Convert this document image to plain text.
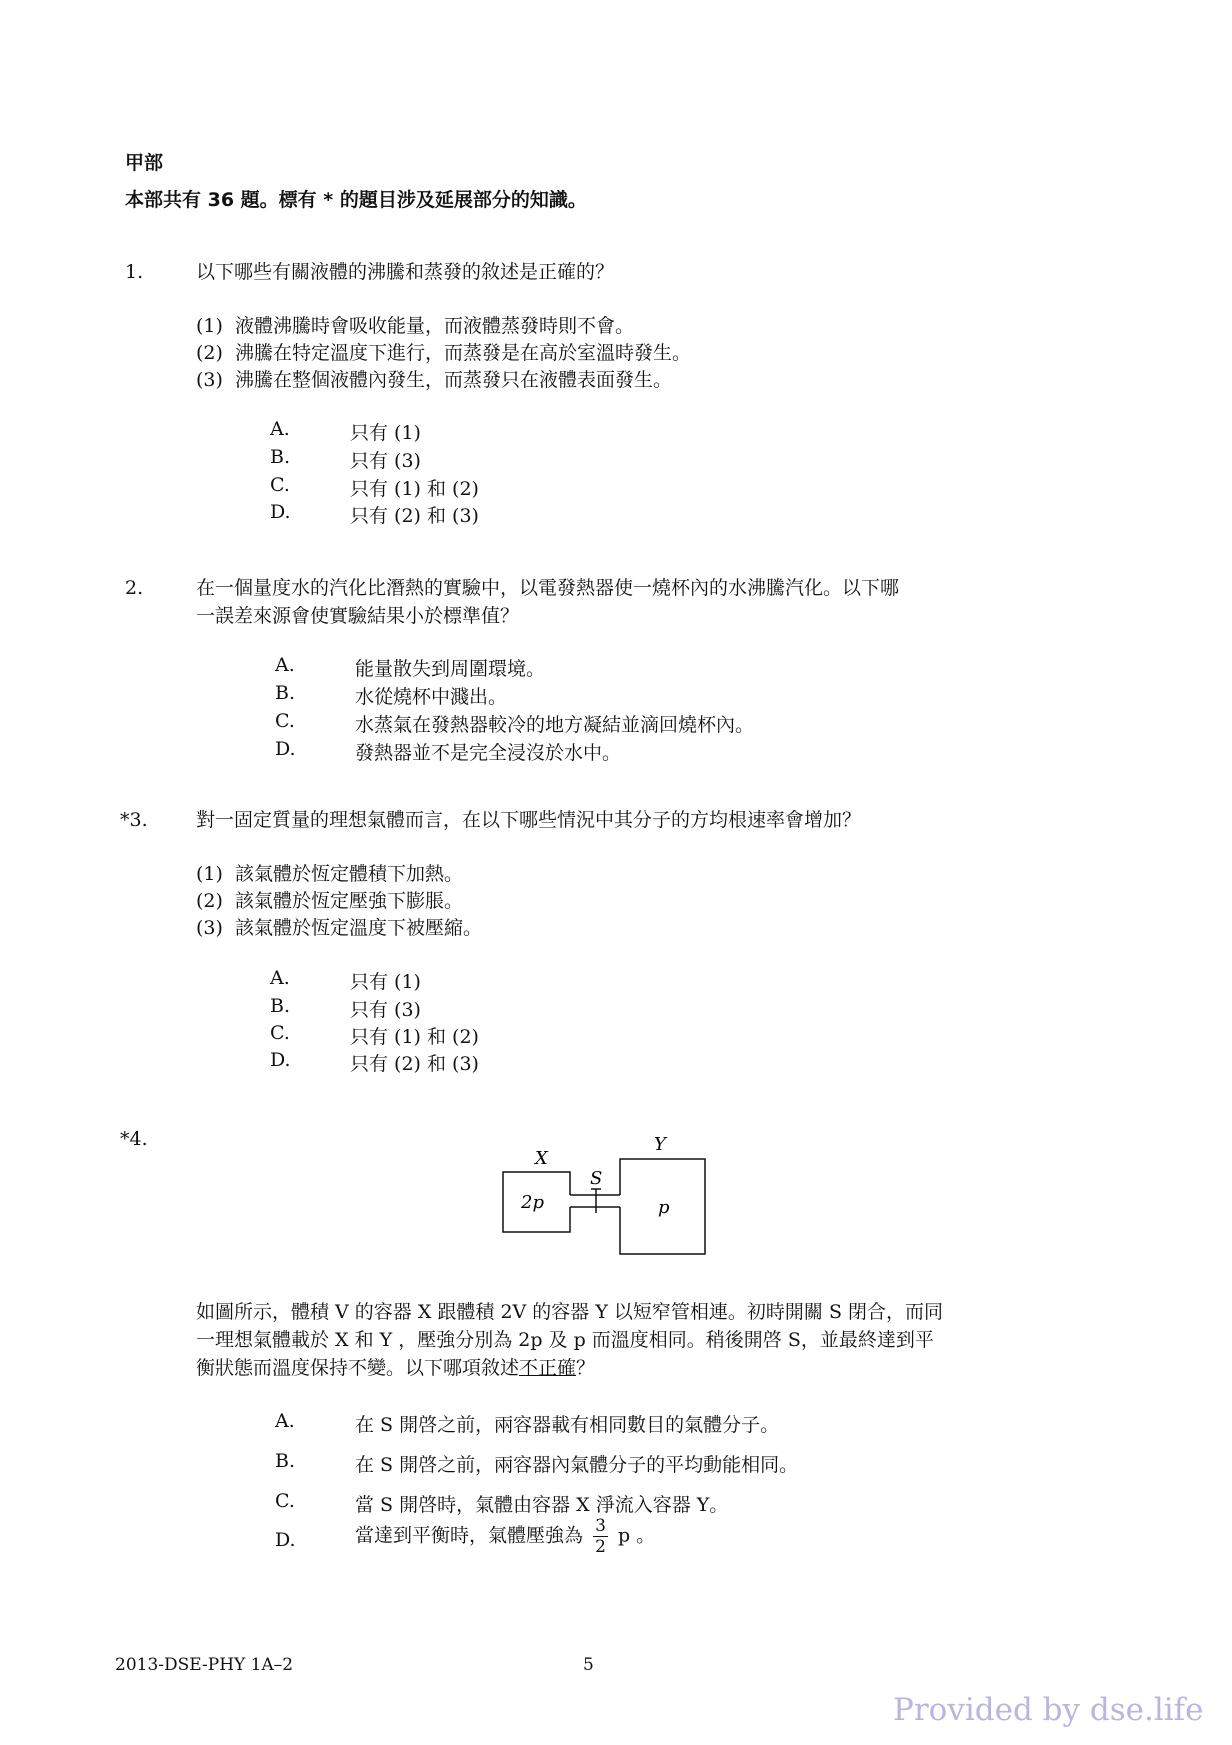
甲部
本部共有 36 題。標有 * 的題目涉及延展部分的知識。
1.	以下哪些有關液體的沸騰和蒸發的敘述是正確的？
(1) 液體沸騰時會吸收能量，而液體蒸發時則不會。
(2) 沸騰在特定溫度下進行，而蒸發是在高於室溫時發生。
(3) 沸騰在整個液體內發生，而蒸發只在液體表面發生。
A.	只有 (1)
B.	只有 (3)
C.	只有 (1) 和 (2)
D.	只有 (2) 和 (3)
2.	在一個量度水的汽化比潛熱的實驗中，以電發熱器使一燒杯內的水沸騰汽化。以下哪
一誤差來源會使實驗結果小於標準值？
A.	能量散失到周圍環境。
B.	水從燒杯中濺出。
C.	水蒸氣在發熱器較冷的地方凝結並滴回燒杯內。
D.	發熱器並不是完全浸沒於水中。
*3.	對一固定質量的理想氣體而言，在以下哪些情況中其分子的方均根速率會增加？
(1) 該氣體於恆定體積下加熱。
(2) 該氣體於恆定壓強下膨脹。
(3) 該氣體於恆定溫度下被壓縮。
A.	只有 (1)
B.	只有 (3)
C.	只有 (1) 和 (2)
D.	只有 (2) 和 (3)
*4.
X
Y
S
2p	p
如圖所示，體積 V 的容器 X 跟體積 2V 的容器 Y 以短窄管相連。初時開關 S 閉合，而同
一理想氣體載於 X 和 Y ，壓強分別為 2p 及 p 而溫度相同。稍後開啓 S，並最終達到平
衡狀態而溫度保持不變。以下哪項敘述不正確？
A.	在 S 開啓之前，兩容器載有相同數目的氣體分子。
B.	在 S 開啓之前，兩容器內氣體分子的平均動能相同。
C.	當 S 開啓時，氣體由容器 X 淨流入容器 Y。
D.	當達到平衡時，氣體壓強為 $\frac{3}{2}$ p 。
2013-DSE-PHY 1A–2	5
Provided by dse.life
